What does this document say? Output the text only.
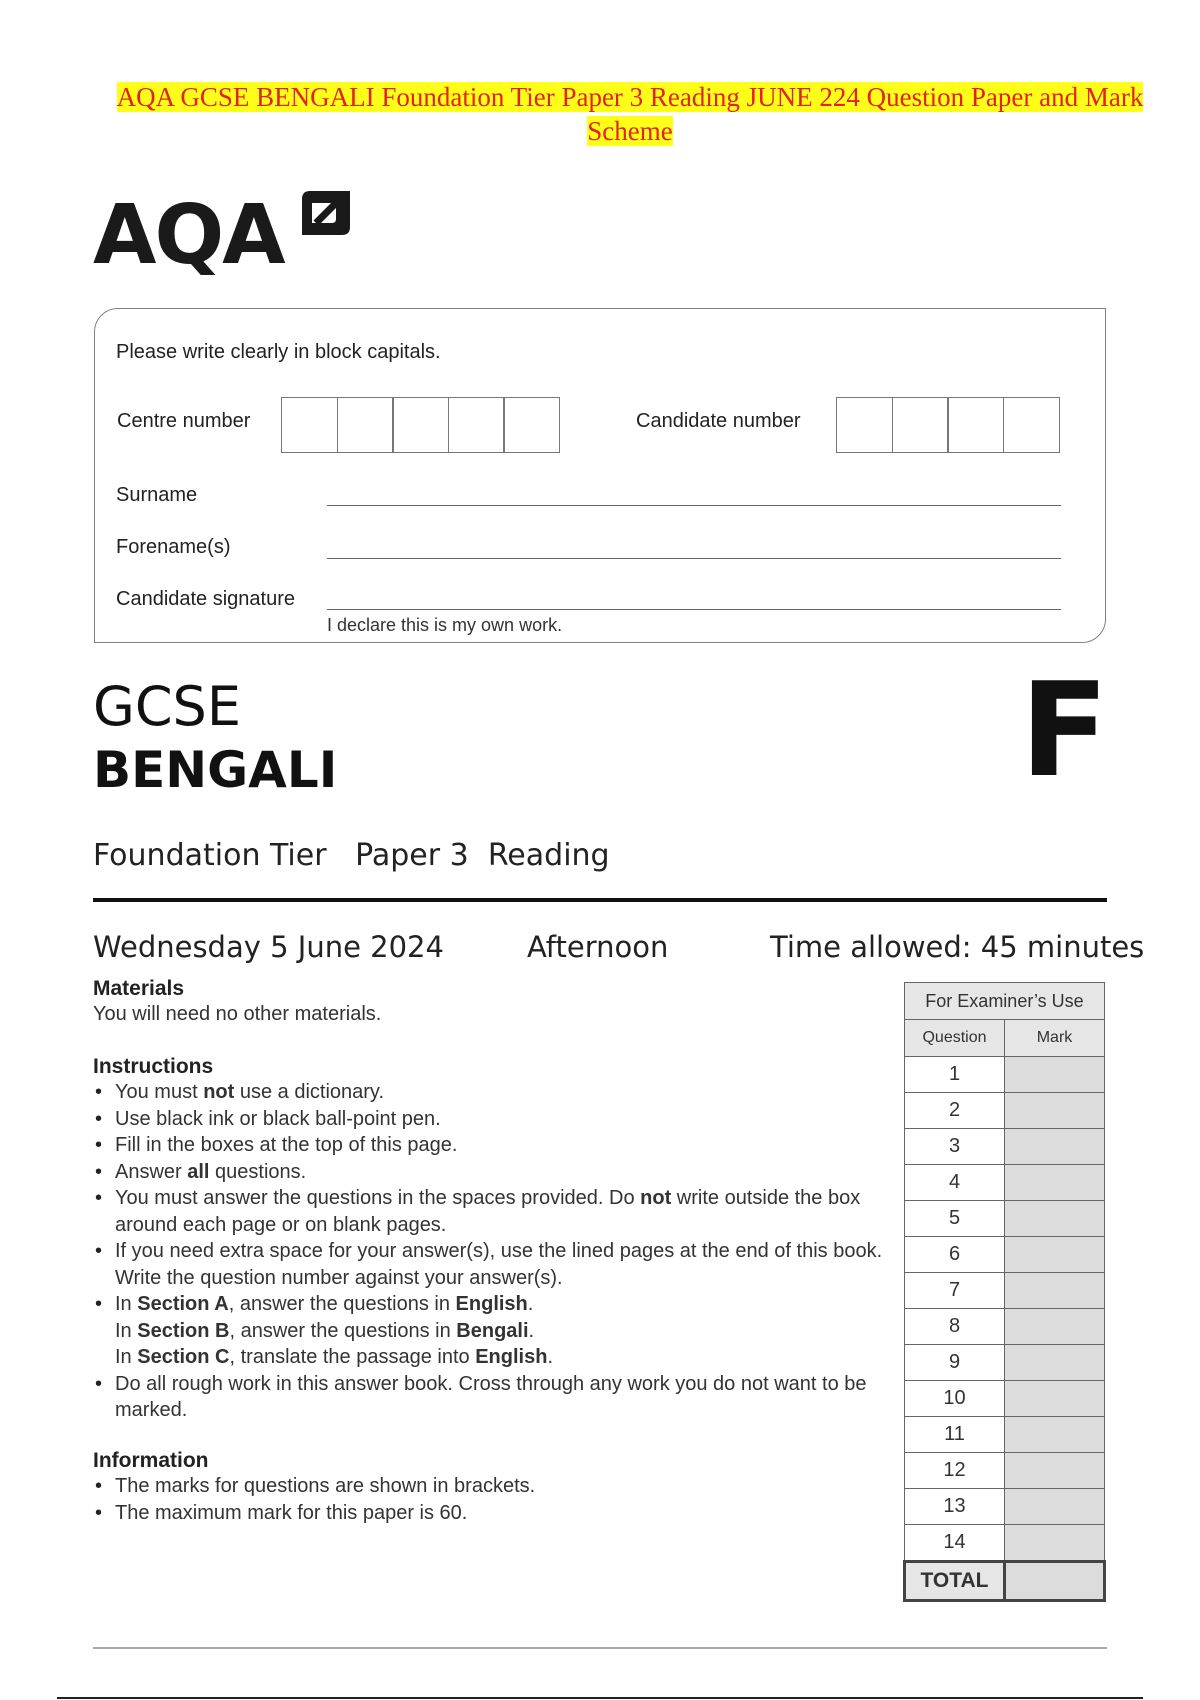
AQA GCSE BENGALI Foundation Tier Paper 3 Reading JUNE 224 Question Paper and Mark Scheme
AQA
Please write clearly in block capitals.
Centre number	Candidate number
Surname
Forename(s)
Candidate signature
I declare this is my own work.
GCSE
BENGALI	F
Foundation Tier Paper 3 Reading
Wednesday 5 June 2024	Afternoon	Time allowed: 45 minutes
Materials
You will need no other materials.
Instructions
• You must not use a dictionary.
• Use black ink or black ball-point pen.
• Fill in the boxes at the top of this page.
• Answer all questions.
• You must answer the questions in the spaces provided. Do not write outside the box around each page or on blank pages.
• If you need extra space for your answer(s), use the lined pages at the end of this book. Write the question number against your answer(s).
• In Section A, answer the questions in English.
In Section B, answer the questions in Bengali.
In Section C, translate the passage into English.
• Do all rough work in this answer book. Cross through any work you do not want to be marked.
Information
• The marks for questions are shown in brackets.
• The maximum mark for this paper is 60.
For Examiner’s Use	
Question	Mark
1	
2	
3	
4	
5	
6	
7	
8	
9	
10	
11	
12	
13	
14	
TOTAL	
